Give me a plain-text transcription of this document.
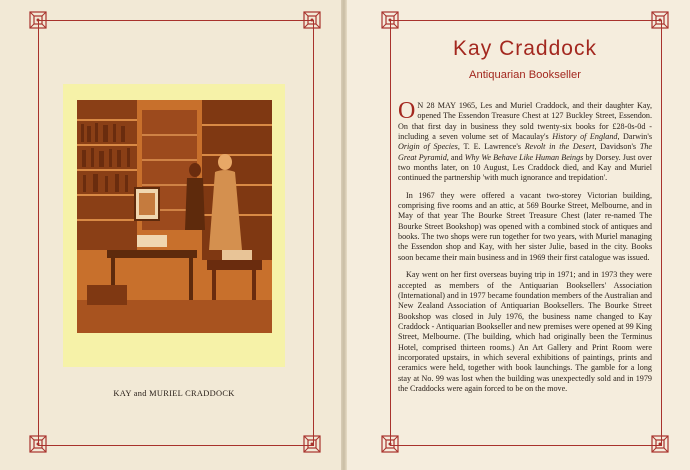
KAY and MURIEL CRADDOCK
Kay Craddock
Antiquarian Bookseller

O N 28 MAY 1965, Les and Muriel Craddock, and their daughter Kay, opened The Essendon Treasure Chest at 127 Buckley Street, Essendon. On that first day in business they sold twenty-six books for £28-0s-0d - including a seven volume set of Macaulay's History of England, Darwin's Origin of Species, T. E. Lawrence's Revolt in the Desert, Davidson's The Great Pyramid, and Why We Behave Like Human Beings by Dorsey. Just over two months later, on 10 August, Les Craddock died, and Kay and Muriel continued the partnership 'with much ignorance and trepidation'.

In 1967 they were offered a vacant two-storey Victorian building, comprising five rooms and an attic, at 569 Bourke Street, Melbourne, and in May of that year The Bourke Street Treasure Chest (later re-named The Bourke Street Bookshop) was opened with a combined stock of antiques and books. The two shops were run together for two years, with Muriel managing the Essendon shop and Kay, with her sister Julie, based in the city. Books soon became their main business and in 1969 their first catalogue was issued.

Kay went on her first overseas buying trip in 1971; and in 1973 they were accepted as members of the Antiquarian Booksellers' Association (International) and in 1977 became foundation members of the Australian and New Zealand Association of Antiquarian Booksellers. The Bourke Street Bookshop was closed in July 1976, the business name changed to Kay Craddock - Antiquarian Bookseller and new premises were opened at 99 King Street, Melbourne. (The building, which had originally been the Terminus Hotel, comprised thirteen rooms.) An Art Gallery and Print Room were incorporated upstairs, in which several exhibitions of paintings, prints and ceramics were held, together with book launchings. The gamble for a long stay at No. 99 was lost when the building was unexpectedly sold and in 1979 the Craddocks were again forced to be on the move.
